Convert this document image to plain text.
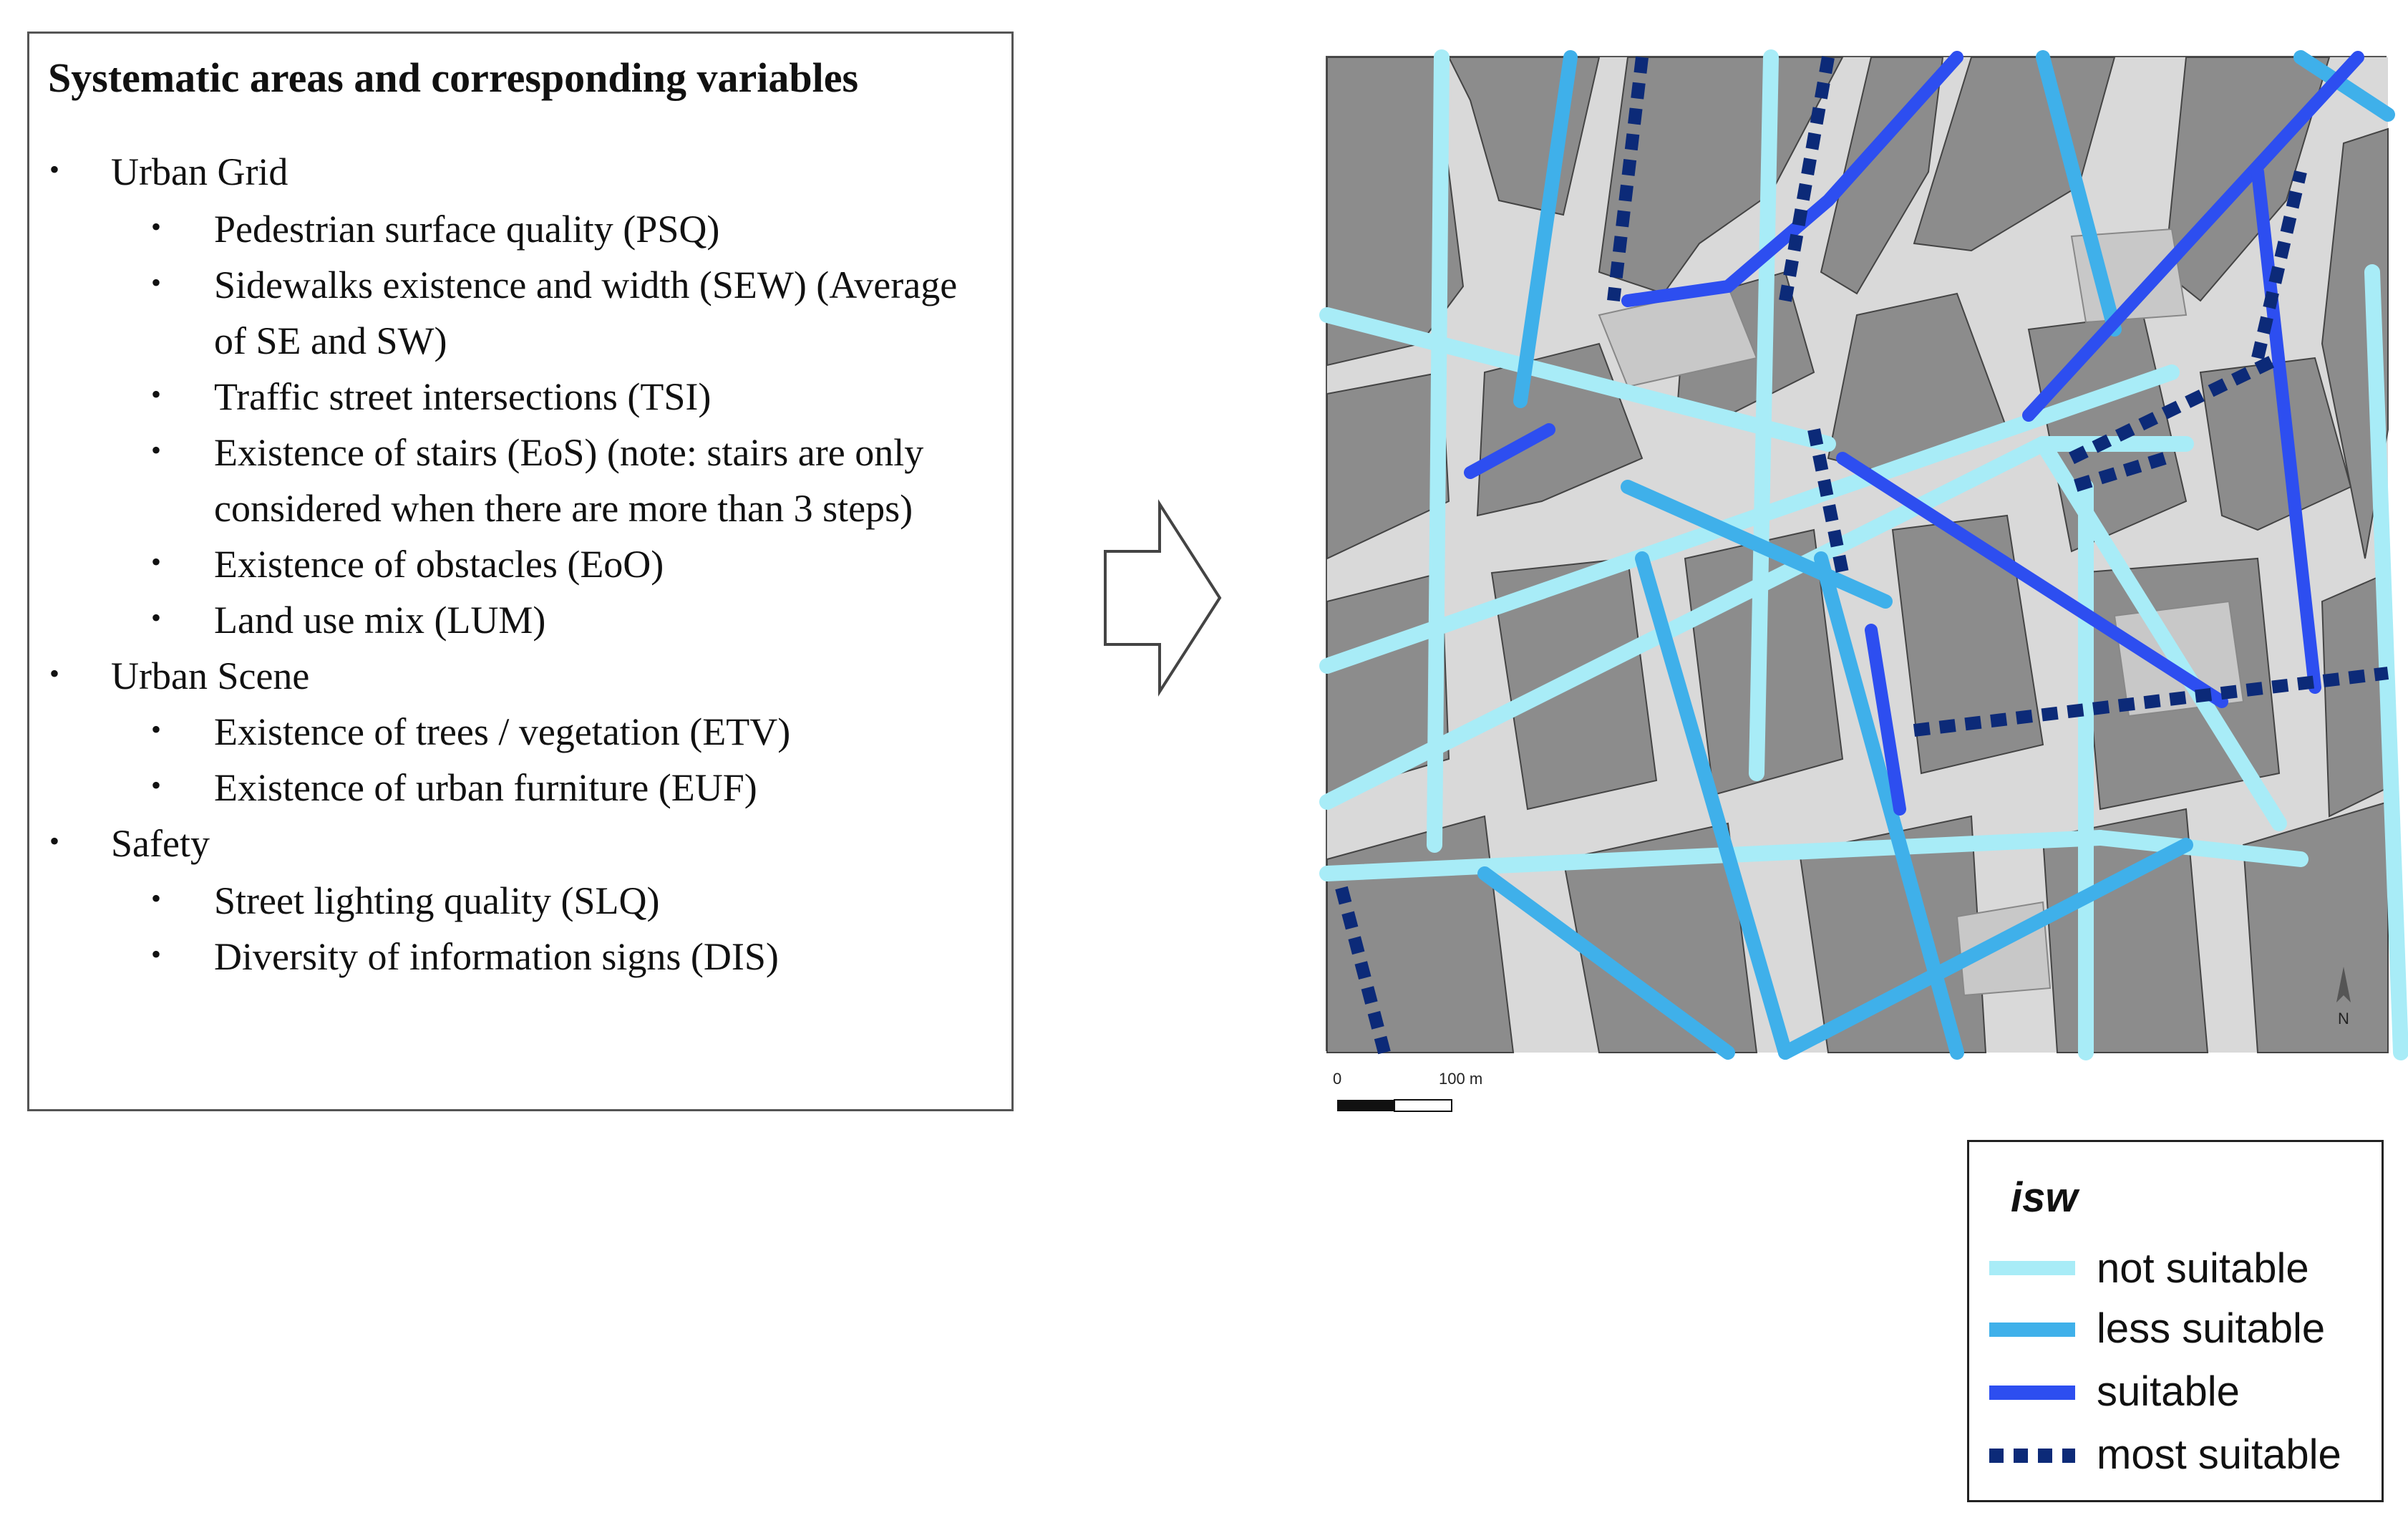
Systematic areas and corresponding variables
• Urban Grid
• Pedestrian surface quality (PSQ)
• Sidewalks existence and width (SEW) (Average
of SE and SW)
• Traffic street intersections (TSI)
• Existence of stairs (EoS) (note: stairs are only
considered when there are more than 3 steps)
• Existence of obstacles (EoO)
• Land use mix (LUM)
• Urban Scene
• Existence of trees / vegetation (ETV)
• Existence of urban furniture (EUF)
• Safety
• Street lighting quality (SLQ)
• Diversity of information signs (DIS)
N
0	100 m
isw
not suitable
less suitable
suitable
most suitable
